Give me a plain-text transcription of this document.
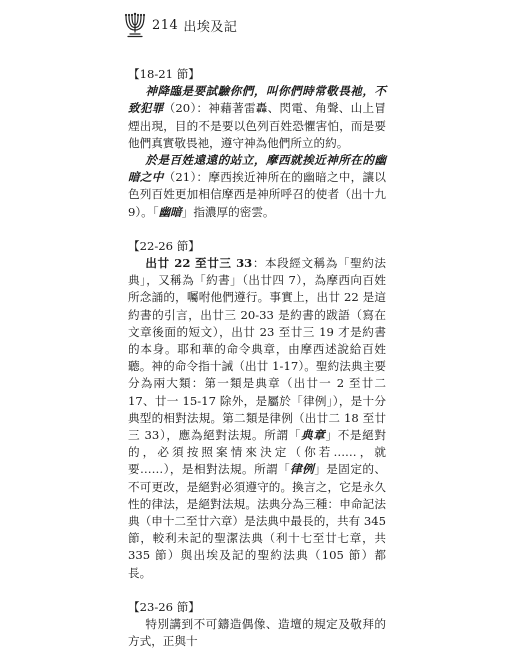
214 出埃及記

【18-21 節】

神降臨是要試驗你們，叫你們時常敬畏祂，不致犯罪（20）：神藉著雷轟、閃電、角聲、山上冒煙出現，目的不是要以色列百姓恐懼害怕，而是要他們真實敬畏祂，遵守神為他們所立的約。

於是百姓遠遠的站立，摩西就挨近神所在的幽暗之中（21）：摩西挨近神所在的幽暗之中，讓以色列百姓更加相信摩西是神所呼召的使者（出十九 9）。「幽暗」指濃厚的密雲。

【22-26 節】

出廿 22 至廿三 33：本段經文稱為「聖約法典」，又稱為「約書」（出廿四 7），為摩西向百姓所念誦的，囑咐他們遵行。事實上，出廿 22 是這約書的引言，出廿三 20-33 是約書的跋語（寫在文章後面的短文），出廿 23 至廿三 19 才是約書的本身。耶和華的命令典章，由摩西述說給百姓聽。神的命令指十誡（出廿 1-17）。聖約法典主要分為兩大類：第一類是典章（出廿一 2 至廿二 17、廿一 15-17 除外，是屬於「律例」），是十分典型的相對法規。第二類是律例（出廿二 18 至廿三 33），應為絕對法規。所謂「典章」不是絕對的，必須按照案情來決定（你若……，就要……），是相對法規。所謂「律例」是固定的、不可更改，是絕對必須遵守的。換言之，它是永久性的律法，是絕對法規。法典分為三種：申命記法典（申十二至廿六章）是法典中最長的，共有 345 節，較利未記的聖潔法典（利十七至廿七章，共 335 節）與出埃及記的聖約法典（105 節）都長。

【23-26 節】

特別講到不可鑄造偶像、造壇的規定及敬拜的方式，正與十
